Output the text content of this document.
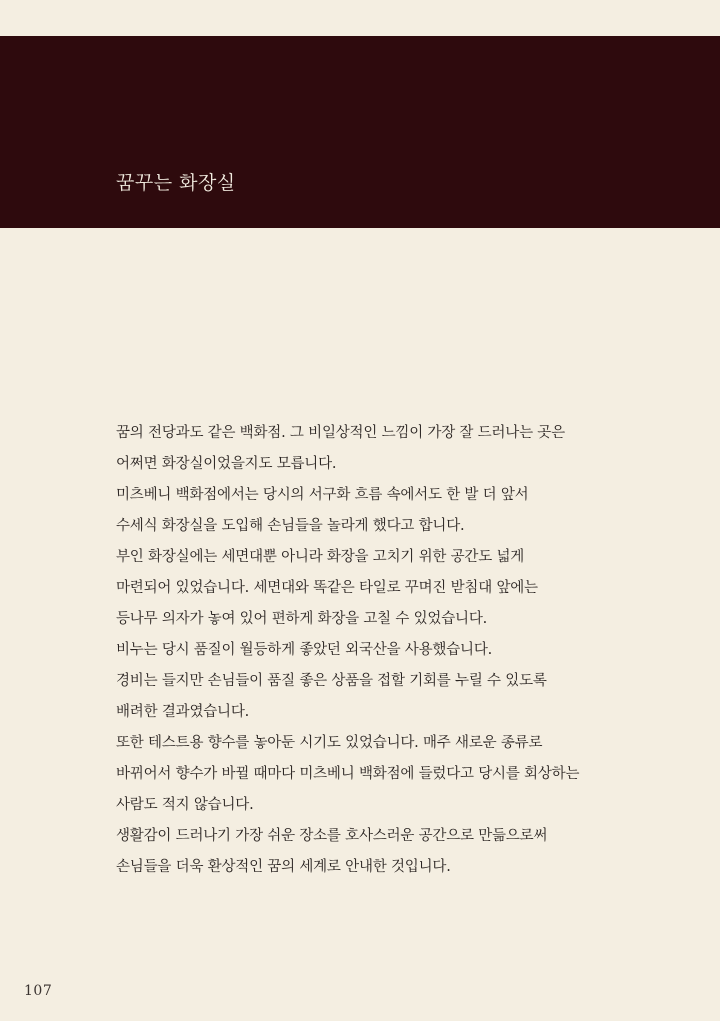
꿈꾸는 화장실
꿈의 전당과도 같은 백화점. 그 비일상적인 느낌이 가장 잘 드러나는 곳은
어쩌면 화장실이었을지도 모릅니다.
미츠베니 백화점에서는 당시의 서구화 흐름 속에서도 한 발 더 앞서
수세식 화장실을 도입해 손님들을 놀라게 했다고 합니다.
부인 화장실에는 세면대뿐 아니라 화장을 고치기 위한 공간도 넓게
마련되어 있었습니다. 세면대와 똑같은 타일로 꾸며진 받침대 앞에는
등나무 의자가 놓여 있어 편하게 화장을 고칠 수 있었습니다.
비누는 당시 품질이 월등하게 좋았던 외국산을 사용했습니다.
경비는 들지만 손님들이 품질 좋은 상품을 접할 기회를 누릴 수 있도록
배려한 결과였습니다.
또한 테스트용 향수를 놓아둔 시기도 있었습니다. 매주 새로운 종류로
바뀌어서 향수가 바뀔 때마다 미츠베니 백화점에 들렀다고 당시를 회상하는
사람도 적지 않습니다.
생활감이 드러나기 가장 쉬운 장소를 호사스러운 공간으로 만듦으로써
손님들을 더욱 환상적인 꿈의 세계로 안내한 것입니다.
107
